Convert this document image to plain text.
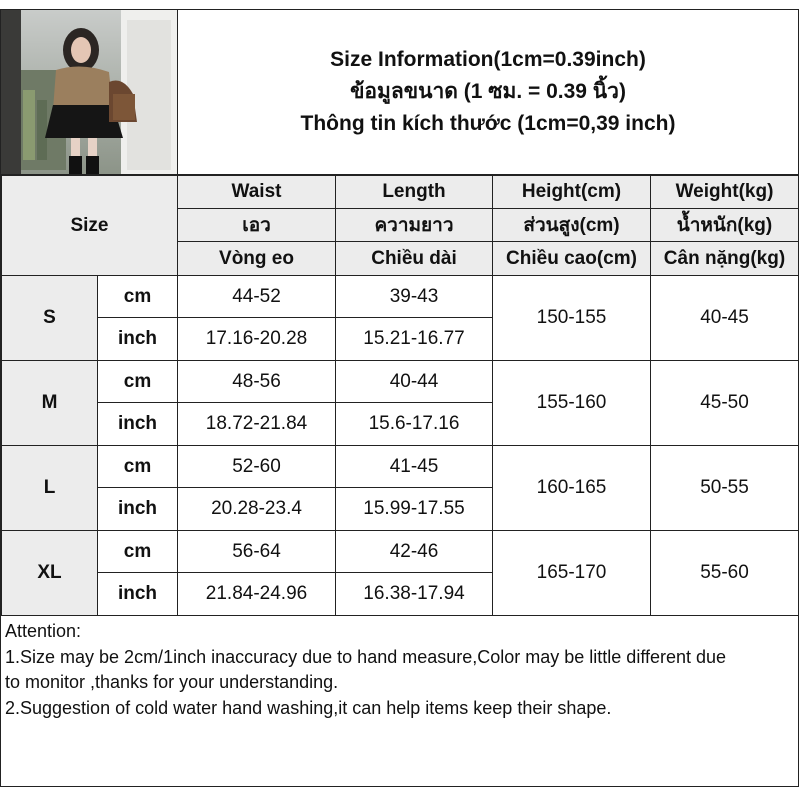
Size Information(1cm=0.39inch)
ข้อมูลขนาด (1 ซม. = 0.39 นิ้ว)
Thông tin kích thước (1cm=0,39 inch)
Size		Waist	Length	Height(cm)	Weight(kg)
		เอว	ความยาว	ส่วนสูง(cm)	น้ำหนัก(kg)
		Vòng eo	Chiều dài	Chiều cao(cm)	Cân nặng(kg)
S	cm	44-52	39-43	150-155	40-45
	inch	17.16-20.28	15.21-16.77		
M	cm	48-56	40-44	155-160	45-50
	inch	18.72-21.84	15.6-17.16		
L	cm	52-60	41-45	160-165	50-55
	inch	20.28-23.4	15.99-17.55		
XL	cm	56-64	42-46	165-170	55-60
	inch	21.84-24.96	16.38-17.94		
Attention:
1.Size may be 2cm/1inch inaccuracy due to hand measure,Color may be little different due
to monitor ,thanks for your understanding.
2.Suggestion of cold water hand washing,it can help items keep their shape.
